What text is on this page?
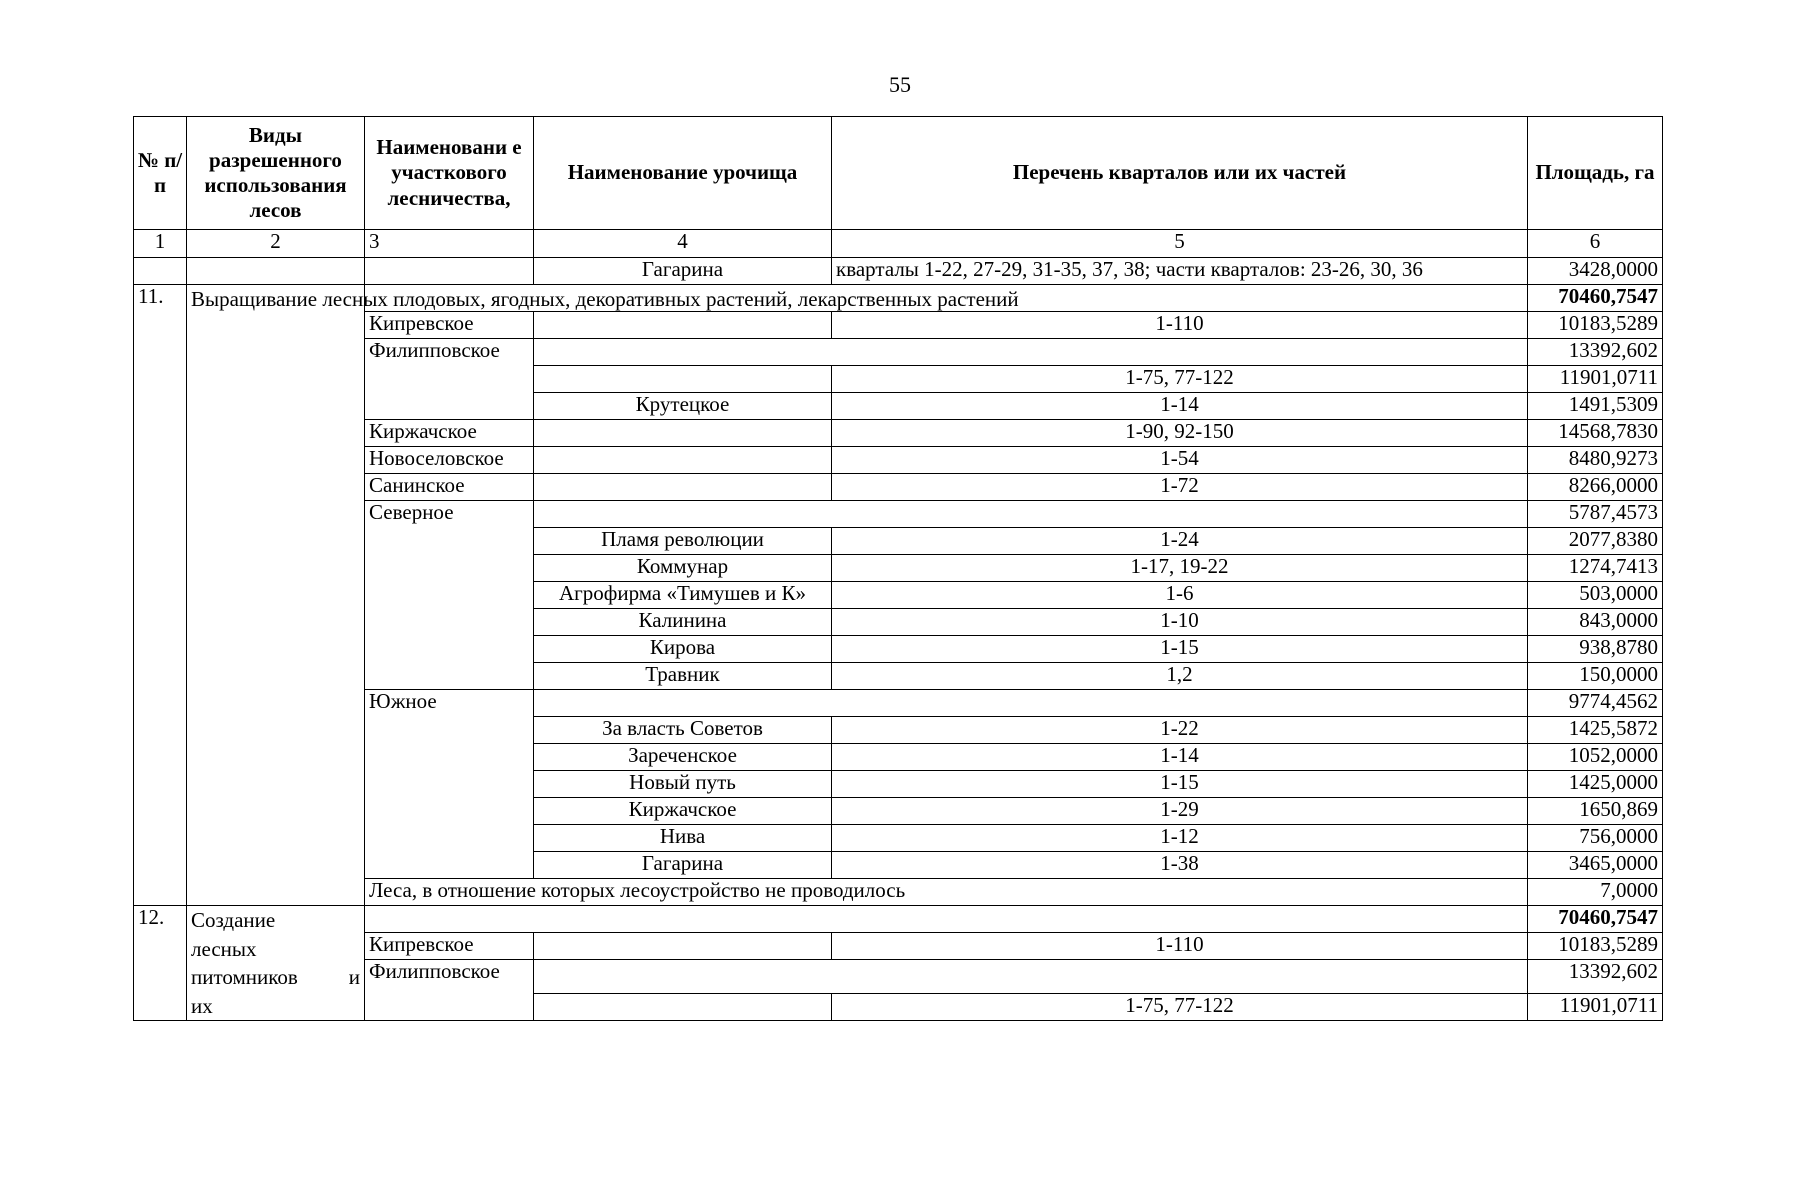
55
№ п/п	Виды разрешенного использования лесов	Наименовани е участкового лесничества,	Наименование урочища	Перечень кварталов или их частей	Площадь, га
1	2	3	4	5	6
			Гагарина	кварталы 1-22, 27-29, 31-35, 37, 38; части кварталов: 23-26, 30, 36	3428,0000
11.	Выращивание лесных плодовых, ягодных, декоративных растений, лекарственных растений				70460,7547
		Кипревское		1-110	10183,5289
		Филипповское			13392,602
				1-75, 77-122	11901,0711
			Крутецкое	1-14	1491,5309
		Киржачское		1-90, 92-150	14568,7830
		Новоселовское		1-54	8480,9273
		Санинское		1-72	8266,0000
		Северное			5787,4573
			Пламя революции	1-24	2077,8380
			Коммунар	1-17, 19-22	1274,7413
			Агрофирма «Тимушев и К»	1-6	503,0000
			Калинина	1-10	843,0000
			Кирова	1-15	938,8780
			Травник	1,2	150,0000
		Южное			9774,4562
			За власть Советов	1-22	1425,5872
			Зареченское	1-14	1052,0000
			Новый путь	1-15	1425,0000
			Киржачское	1-29	1650,869
			Нива	1-12	756,0000
			Гагарина	1-38	3465,0000
		Леса, в отношение которых лесоустройство не проводилось			7,0000
12.	Создание
лесных
питомников и
их				70460,7547
		Кипревское		1-110	10183,5289
		Филипповское			13392,602
				1-75, 77-122	11901,0711
